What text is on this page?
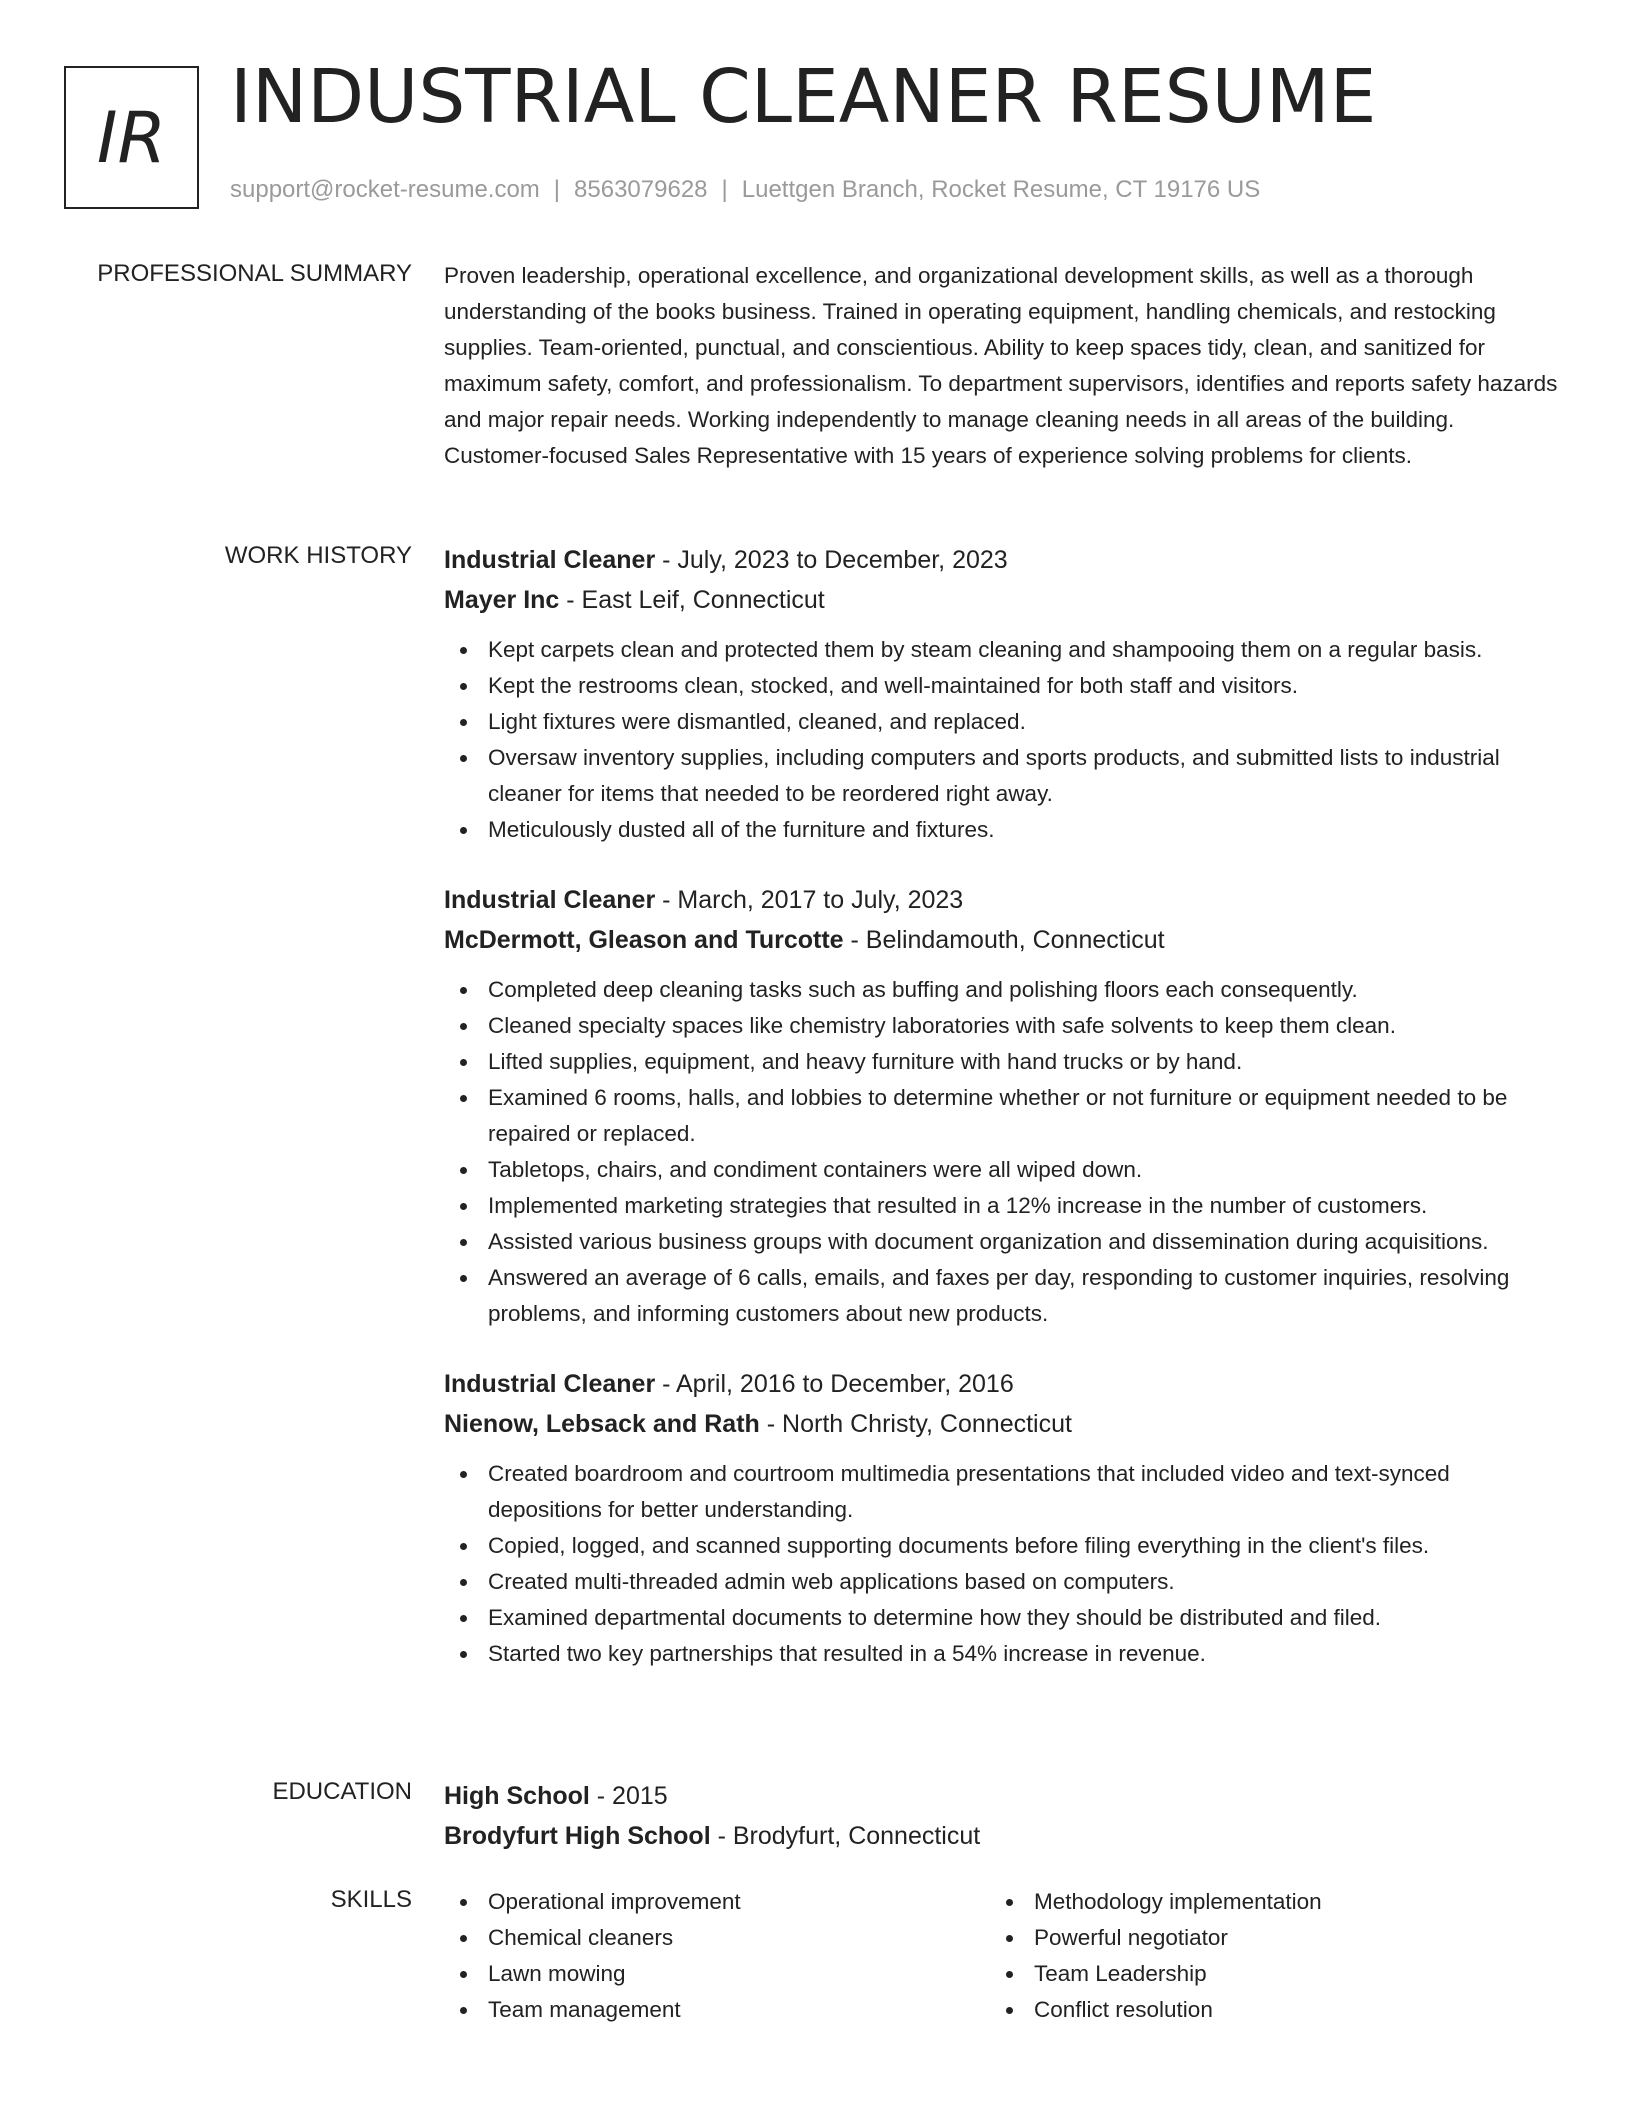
IR INDUSTRIAL CLEANER RESUME
support@rocket-resume.com | 8563079628 | Luettgen Branch, Rocket Resume, CT 19176 US
PROFESSIONAL SUMMARY Proven leadership, operational excellence, and organizational development skills, as well as a thorough understanding of the books business. Trained in operating equipment, handling chemicals, and restocking supplies. Team-oriented, punctual, and conscientious. Ability to keep spaces tidy, clean, and sanitized for maximum safety, comfort, and professionalism. To department supervisors, identifies and reports safety hazards and major repair needs. Working independently to manage cleaning needs in all areas of the building. Customer-focused Sales Representative with 15 years of experience solving problems for clients.
WORK HISTORY Industrial Cleaner - July, 2023 to December, 2023
Mayer Inc - East Leif, Connecticut
Kept carpets clean and protected them by steam cleaning and shampooing them on a regular basis.
Kept the restrooms clean, stocked, and well-maintained for both staff and visitors.
Light fixtures were dismantled, cleaned, and replaced.
Oversaw inventory supplies, including computers and sports products, and submitted lists to industrial cleaner for items that needed to be reordered right away.
Meticulously dusted all of the furniture and fixtures.
Industrial Cleaner - March, 2017 to July, 2023
McDermott, Gleason and Turcotte - Belindamouth, Connecticut
Completed deep cleaning tasks such as buffing and polishing floors each consequently.
Cleaned specialty spaces like chemistry laboratories with safe solvents to keep them clean.
Lifted supplies, equipment, and heavy furniture with hand trucks or by hand.
Examined 6 rooms, halls, and lobbies to determine whether or not furniture or equipment needed to be repaired or replaced.
Tabletops, chairs, and condiment containers were all wiped down.
Implemented marketing strategies that resulted in a 12% increase in the number of customers.
Assisted various business groups with document organization and dissemination during acquisitions.
Answered an average of 6 calls, emails, and faxes per day, responding to customer inquiries, resolving problems, and informing customers about new products.
Industrial Cleaner - April, 2016 to December, 2016
Nienow, Lebsack and Rath - North Christy, Connecticut
Created boardroom and courtroom multimedia presentations that included video and text-synced depositions for better understanding.
Copied, logged, and scanned supporting documents before filing everything in the client's files.
Created multi-threaded admin web applications based on computers.
Examined departmental documents to determine how they should be distributed and filed.
Started two key partnerships that resulted in a 54% increase in revenue.
EDUCATION High School - 2015
Brodyfurt High School - Brodyfurt, Connecticut
SKILLS	Operational improvement
Chemical cleaners
Lawn mowing
Team management
Methodology implementation
Powerful negotiator
Team Leadership
Conflict resolution
